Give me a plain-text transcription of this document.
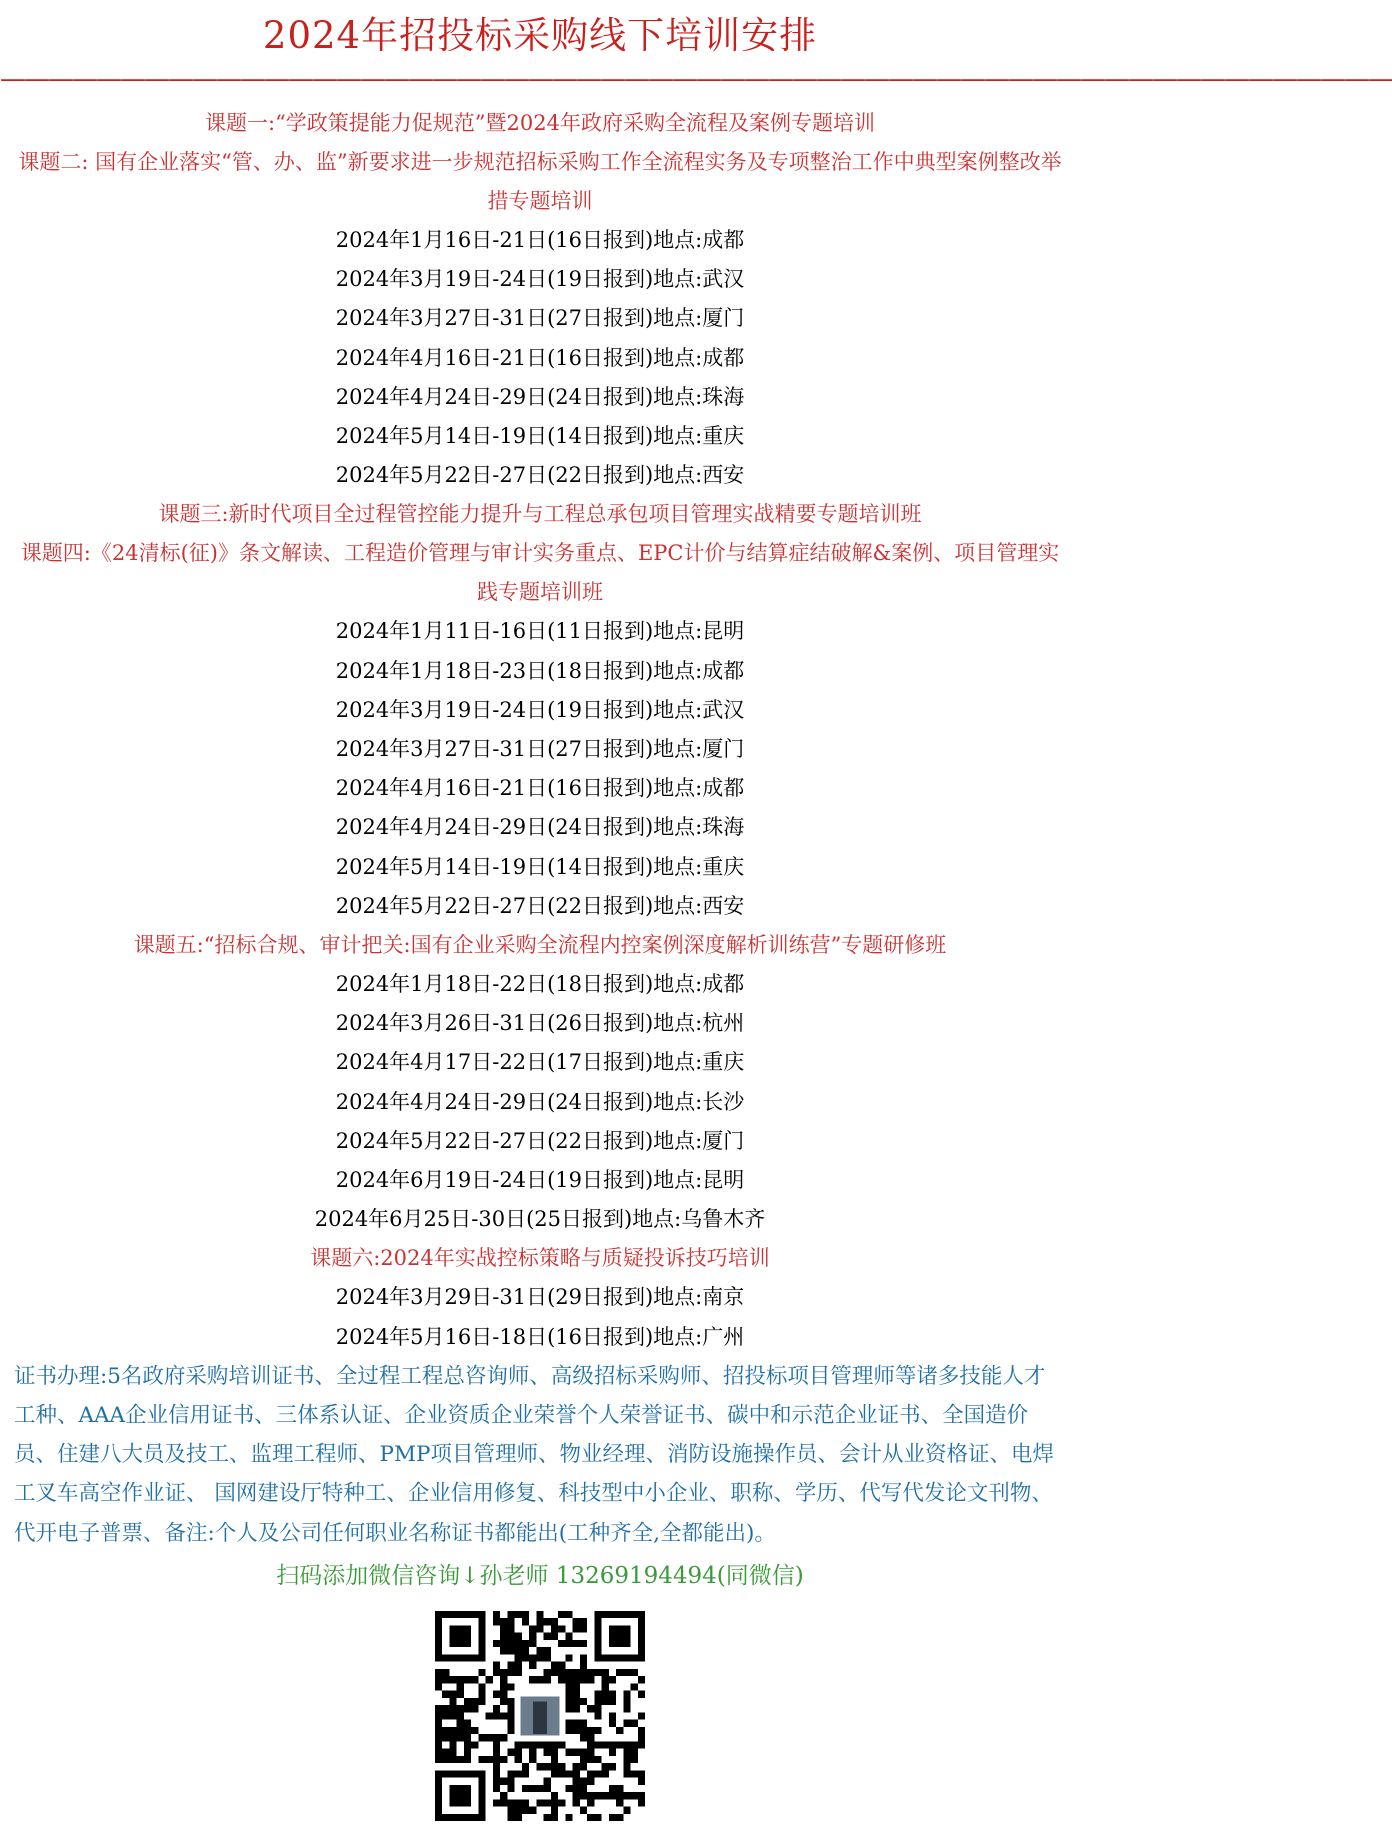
2024年招投标采购线下培训安排
——————————————————————————————————————————————————————————
课题一:“学政策提能力促规范”暨2024年政府采购全流程及案例专题培训
课题二: 国有企业落实“管、办、监”新要求进一步规范招标采购工作全流程实务及专项整治工作中典型案例整改举措专题培训
2024年1月16日-21日(16日报到)地点:成都
2024年3月19日-24日(19日报到)地点:武汉
2024年3月27日-31日(27日报到)地点:厦门
2024年4月16日-21日(16日报到)地点:成都
2024年4月24日-29日(24日报到)地点:珠海
2024年5月14日-19日(14日报到)地点:重庆
2024年5月22日-27日(22日报到)地点:西安
课题三:新时代项目全过程管控能力提升与工程总承包项目管理实战精要专题培训班
课题四:《24清标(征)》条文解读、工程造价管理与审计实务重点、EPC计价与结算症结破解&案例、项目管理实践专题培训班
2024年1月11日-16日(11日报到)地点:昆明
2024年1月18日-23日(18日报到)地点:成都
2024年3月19日-24日(19日报到)地点:武汉
2024年3月27日-31日(27日报到)地点:厦门
2024年4月16日-21日(16日报到)地点:成都
2024年4月24日-29日(24日报到)地点:珠海
2024年5月14日-19日(14日报到)地点:重庆
2024年5月22日-27日(22日报到)地点:西安
课题五:“招标合规、审计把关:国有企业采购全流程内控案例深度解析训练营”专题研修班
2024年1月18日-22日(18日报到)地点:成都
2024年3月26日-31日(26日报到)地点:杭州
2024年4月17日-22日(17日报到)地点:重庆
2024年4月24日-29日(24日报到)地点:长沙
2024年5月22日-27日(22日报到)地点:厦门
2024年6月19日-24日(19日报到)地点:昆明
2024年6月25日-30日(25日报到)地点:乌鲁木齐
课题六:2024年实战控标策略与质疑投诉技巧培训
2024年3月29日-31日(29日报到)地点:南京
2024年5月16日-18日(16日报到)地点:广州
证书办理:5名政府采购培训证书、全过程工程总咨询师、高级招标采购师、招投标项目管理师等诸多技能人才工种、AAA企业信用证书、三体系认证、企业资质企业荣誉个人荣誉证书、碳中和示范企业证书、全国造价员、住建八大员及技工、监理工程师、PMP项目管理师、物业经理、消防设施操作员、会计从业资格证、电焊工叉车高空作业证、 国网建设厅特种工、企业信用修复、科技型中小企业、职称、学历、代写代发论文刊物、代开电子普票、备注:个人及公司任何职业名称证书都能出(工种齐全,全都能出)。
扫码添加微信咨询↓孙老师 13269194494(同微信)
